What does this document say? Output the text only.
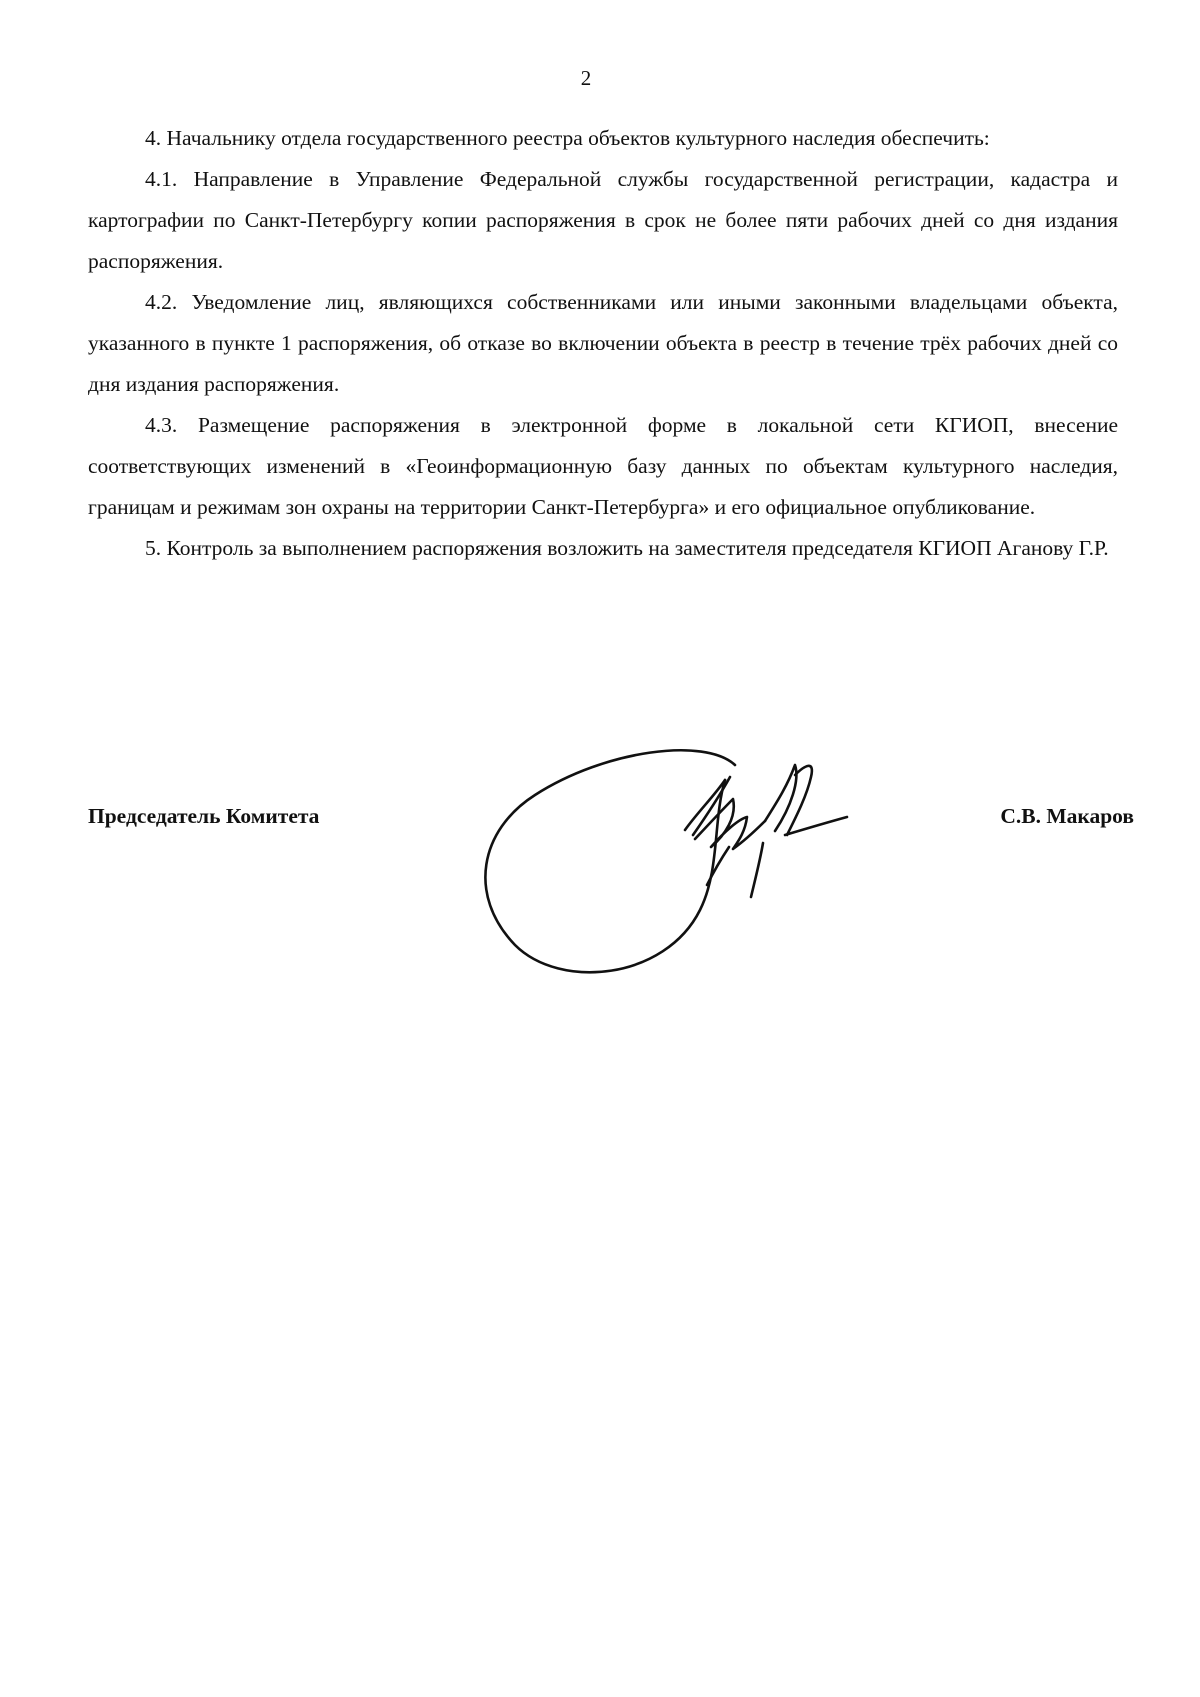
2

4. Начальнику отдела государственного реестра объектов культурного наследия обеспечить:

4.1. Направление в Управление Федеральной службы государственной регистрации, кадастра и картографии по Санкт-Петербургу копии распоряжения в срок не более пяти рабочих дней со дня издания распоряжения.

4.2. Уведомление лиц, являющихся собственниками или иными законными владельцами объекта, указанного в пункте 1 распоряжения, об отказе во включении объекта в реестр в течение трёх рабочих дней со дня издания распоряжения.

4.3. Размещение распоряжения в электронной форме в локальной сети КГИОП, внесение соответствующих изменений в «Геоинформационную базу данных по объектам культурного наследия, границам и режимам зон охраны на территории Санкт-Петербурга» и его официальное опубликование.

5. Контроль за выполнением распоряжения возложить на заместителя председателя КГИОП Аганову Г.Р.

Председатель Комитета	С.В. Макаров
